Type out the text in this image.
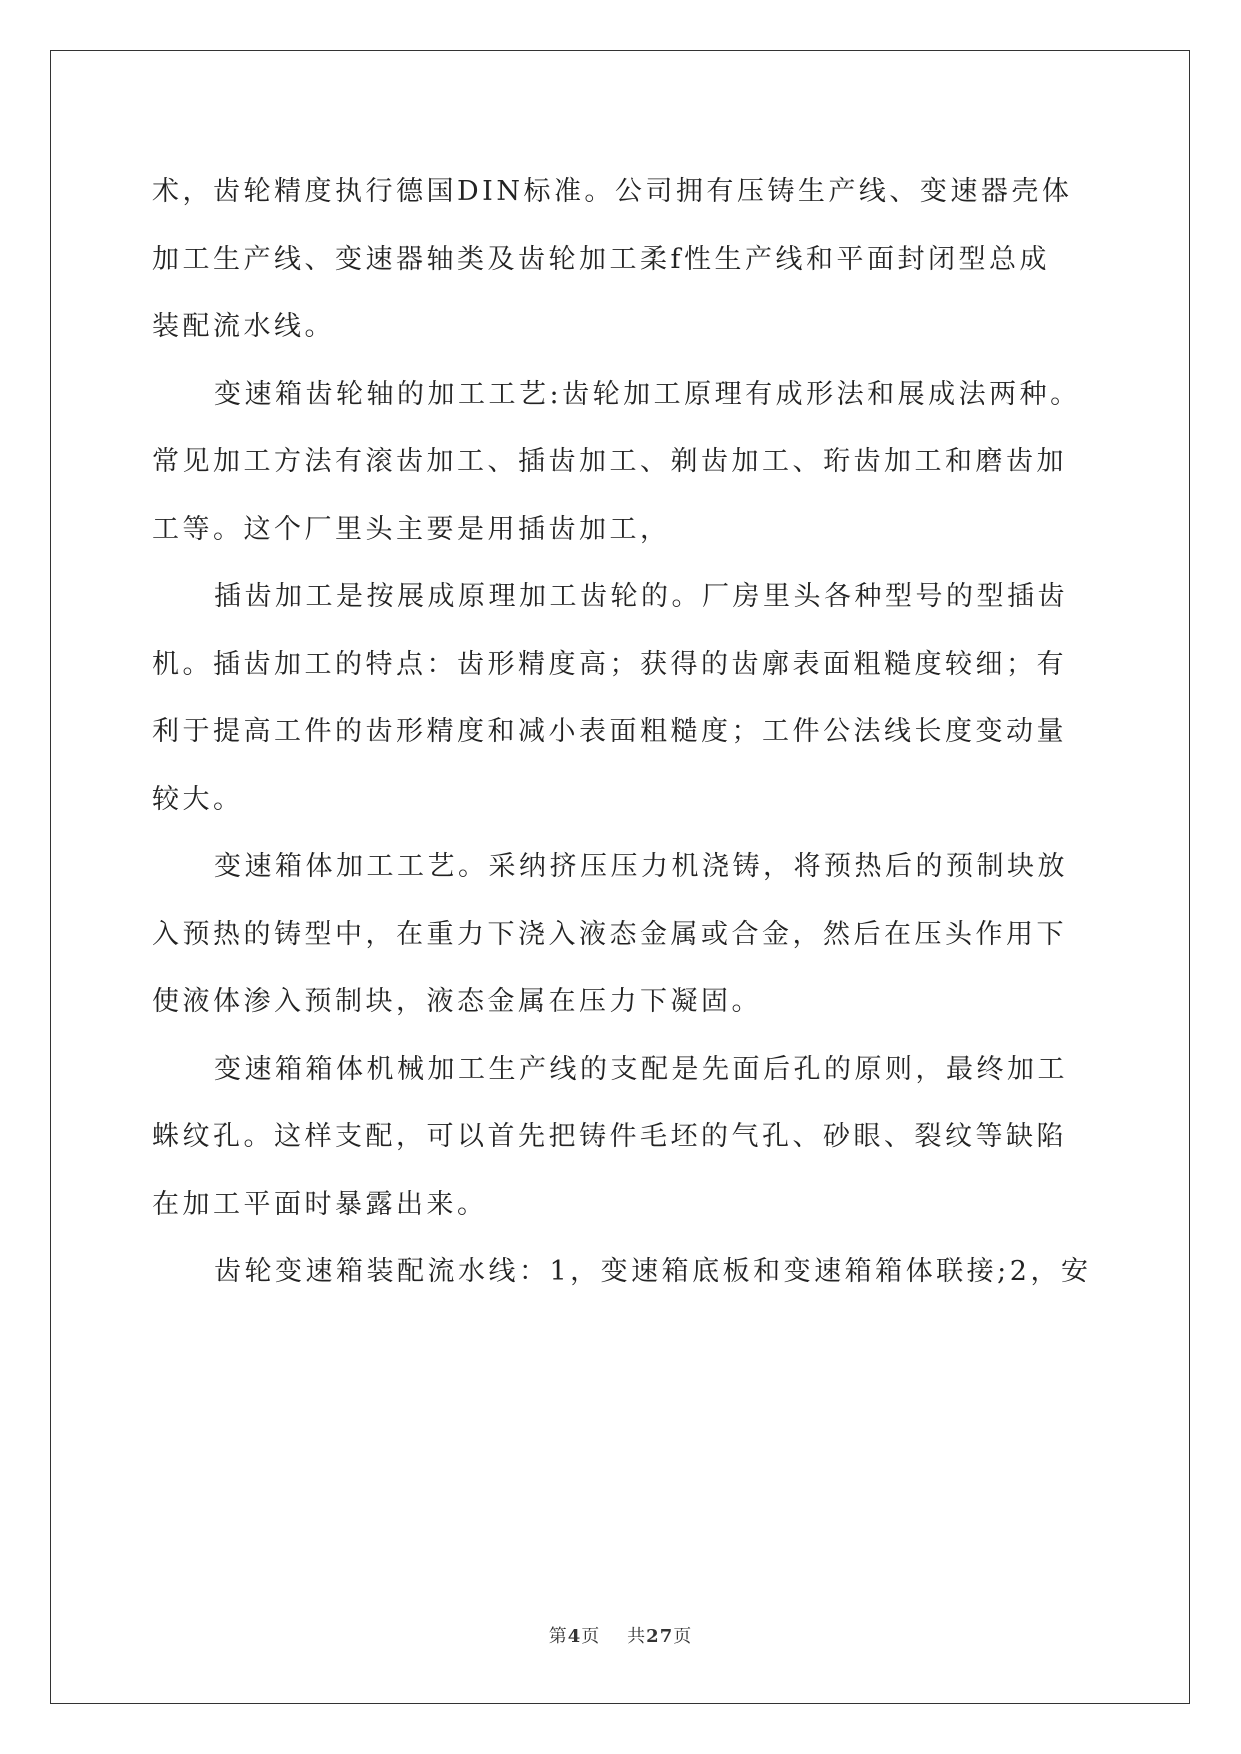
术，齿轮精度执行德国DIN标准。公司拥有压铸生产线、变速器壳体
加工生产线、变速器轴类及齿轮加工柔f性生产线和平面封闭型总成
装配流水线。

变速箱齿轮轴的加工工艺:齿轮加工原理有成形法和展成法两种。
常见加工方法有滚齿加工、插齿加工、剃齿加工、珩齿加工和磨齿加
工等。这个厂里头主要是用插齿加工，

插齿加工是按展成原理加工齿轮的。厂房里头各种型号的型插齿
机。插齿加工的特点：齿形精度高；获得的齿廓表面粗糙度较细；有
利于提高工件的齿形精度和减小表面粗糙度；工件公法线长度变动量
较大。

变速箱体加工工艺。采纳挤压压力机浇铸，将预热后的预制块放
入预热的铸型中，在重力下浇入液态金属或合金，然后在压头作用下
使液体渗入预制块，液态金属在压力下凝固。

变速箱箱体机械加工生产线的支配是先面后孔的原则，最终加工
蛛纹孔。这样支配，可以首先把铸件毛坯的气孔、砂眼、裂纹等缺陷
在加工平面时暴露出来。

齿轮变速箱装配流水线：1，变速箱底板和变速箱箱体联接;2，安

第4页 共27页
